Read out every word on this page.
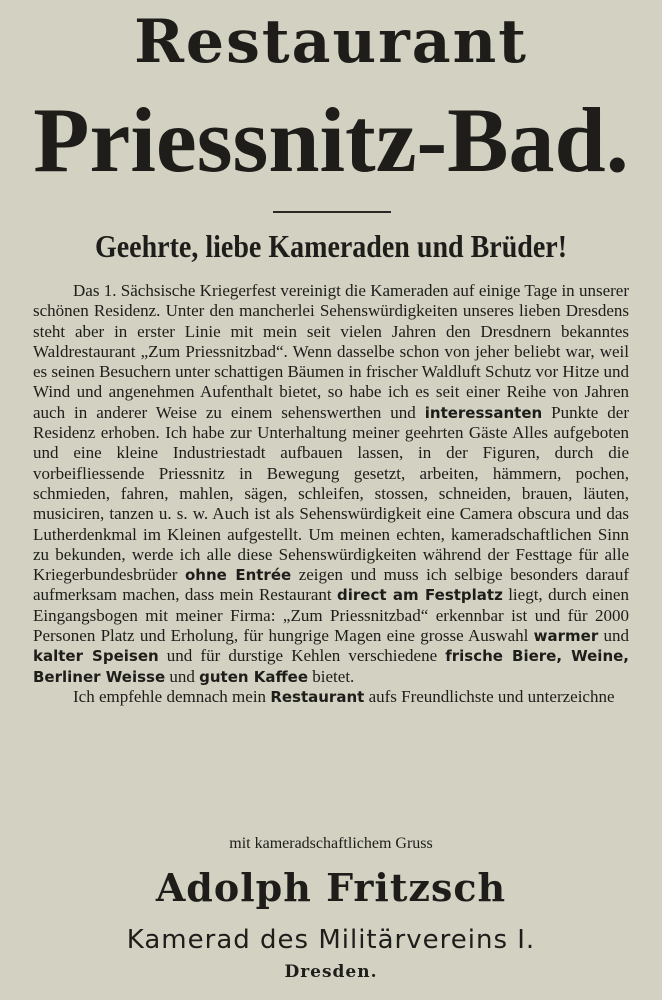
Restaurant
Priessnitz-Bad.
Geehrte, liebe Kameraden und Brüder!

Das 1. Sächsische Kriegerfest vereinigt die Kameraden auf einige Tage in unserer schönen Residenz. Unter den mancherlei Sehenswürdigkeiten unseres lieben Dresdens steht aber in erster Linie mit mein seit vielen Jahren den Dresdnern bekanntes Waldrestaurant „Zum Priessnitzbad“. Wenn dasselbe schon von jeher beliebt war, weil es seinen Besuchern unter schattigen Bäumen in frischer Waldluft Schutz vor Hitze und Wind und angenehmen Aufenthalt bietet, so habe ich es seit einer Reihe von Jahren auch in anderer Weise zu einem sehenswerthen und interessanten Punkte der Residenz erhoben. Ich habe zur Unterhaltung meiner geehrten Gäste Alles aufgeboten und eine kleine Industriestadt aufbauen lassen, in der Figuren, durch die vorbeifliessende Priessnitz in Bewegung gesetzt, arbeiten, hämmern, pochen, schmieden, fahren, mahlen, sägen, schleifen, stossen, schneiden, brauen, läuten, musiciren, tanzen u. s. w. Auch ist als Sehenswürdigkeit eine Camera obscura und das Lutherdenkmal im Kleinen aufgestellt. Um meinen echten, kameradschaftlichen Sinn zu bekunden, werde ich alle diese Sehenswürdigkeiten während der Festtage für alle Kriegerbundesbrüder ohne Entrée zeigen und muss ich selbige besonders darauf aufmerksam machen, dass mein Restaurant direct am Festplatz liegt, durch einen Eingangsbogen mit meiner Firma: „Zum Priessnitzbad“ erkennbar ist und für 2000 Personen Platz und Erholung, für hungrige Magen eine grosse Auswahl warmer und kalter Speisen und für durstige Kehlen verschiedene frische Biere, Weine, Berliner Weisse und guten Kaffee bietet.

Ich empfehle demnach mein Restaurant aufs Freundlichste und unterzeichne

mit kameradschaftlichem Gruss

Adolph Fritzsch

Kamerad des Militärvereins I.

Dresden.
